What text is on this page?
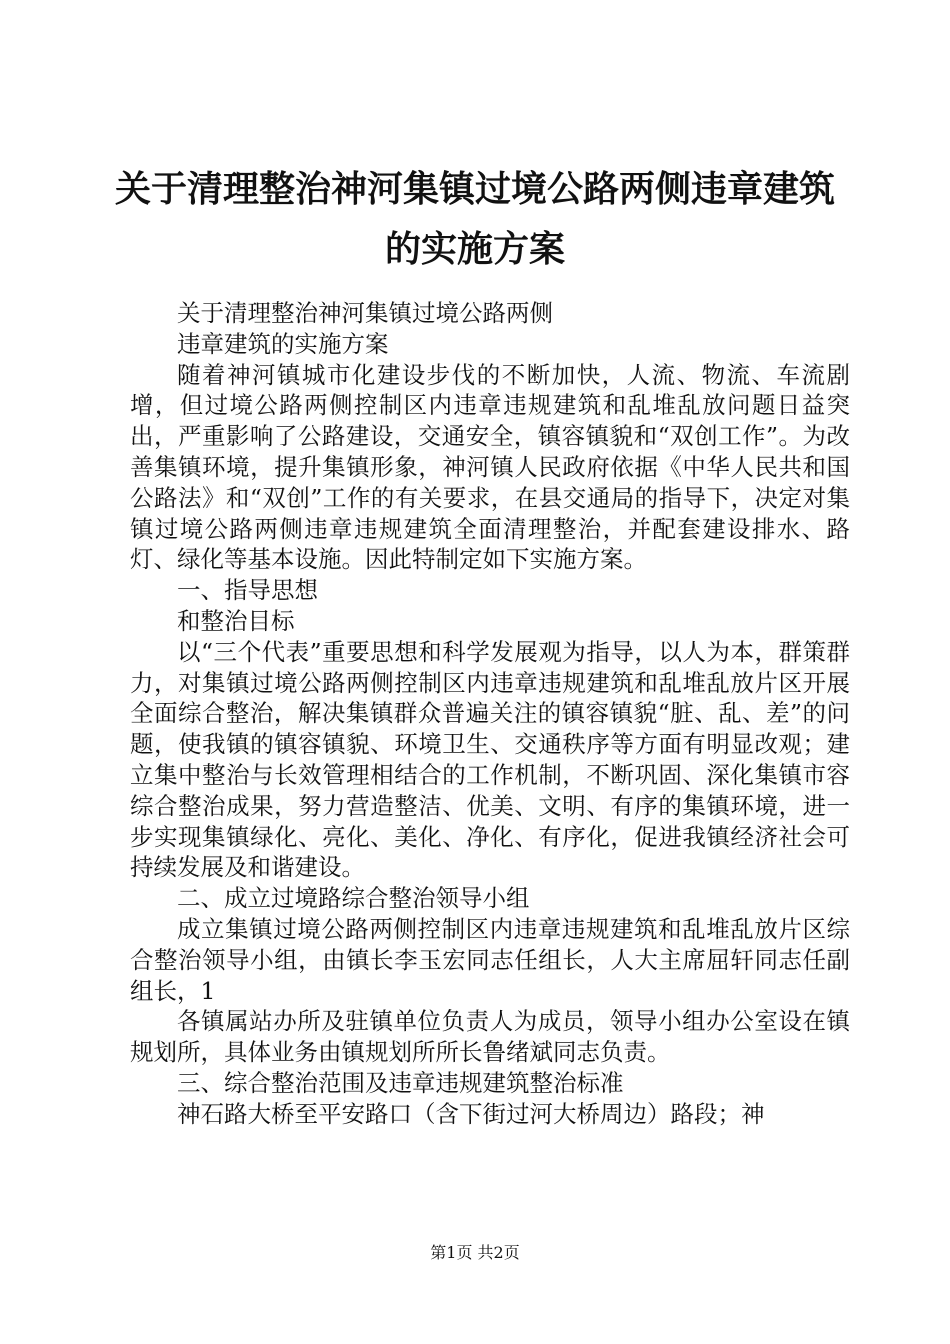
关于清理整治神河集镇过境公路两侧违章建筑
的实施方案

关于清理整治神河集镇过境公路两侧

违章建筑的实施方案

随着神河镇城市化建设步伐的不断加快，人流、物流、车流剧增，但过境公路两侧控制区内违章违规建筑和乱堆乱放问题日益突出，严重影响了公路建设，交通安全，镇容镇貌和“双创工作”。为改善集镇环境，提升集镇形象，神河镇人民政府依据《中华人民共和国公路法》和“双创”工作的有关要求，在县交通局的指导下，决定对集镇过境公路两侧违章违规建筑全面清理整治，并配套建设排水、路灯、绿化等基本设施。因此特制定如下实施方案。

一、指导思想

和整治目标

以“三个代表”重要思想和科学发展观为指导，以人为本，群策群力，对集镇过境公路两侧控制区内违章违规建筑和乱堆乱放片区开展全面综合整治，解决集镇群众普遍关注的镇容镇貌“脏、乱、差”的问题，使我镇的镇容镇貌、环境卫生、交通秩序等方面有明显改观；建立集中整治与长效管理相结合的工作机制，不断巩固、深化集镇市容综合整治成果，努力营造整洁、优美、文明、有序的集镇环境，进一步实现集镇绿化、亮化、美化、净化、有序化，促进我镇经济社会可持续发展及和谐建设。

二、成立过境路综合整治领导小组

成立集镇过境公路两侧控制区内违章违规建筑和乱堆乱放片区综合整治领导小组，由镇长李玉宏同志任组长，人大主席屈轩同志任副组长，1

各镇属站办所及驻镇单位负责人为成员，领导小组办公室设在镇规划所，具体业务由镇规划所所长鲁绪斌同志负责。

三、综合整治范围及违章违规建筑整治标准

神石路大桥至平安路口（含下街过河大桥周边）路段；神

第1页 共2页
